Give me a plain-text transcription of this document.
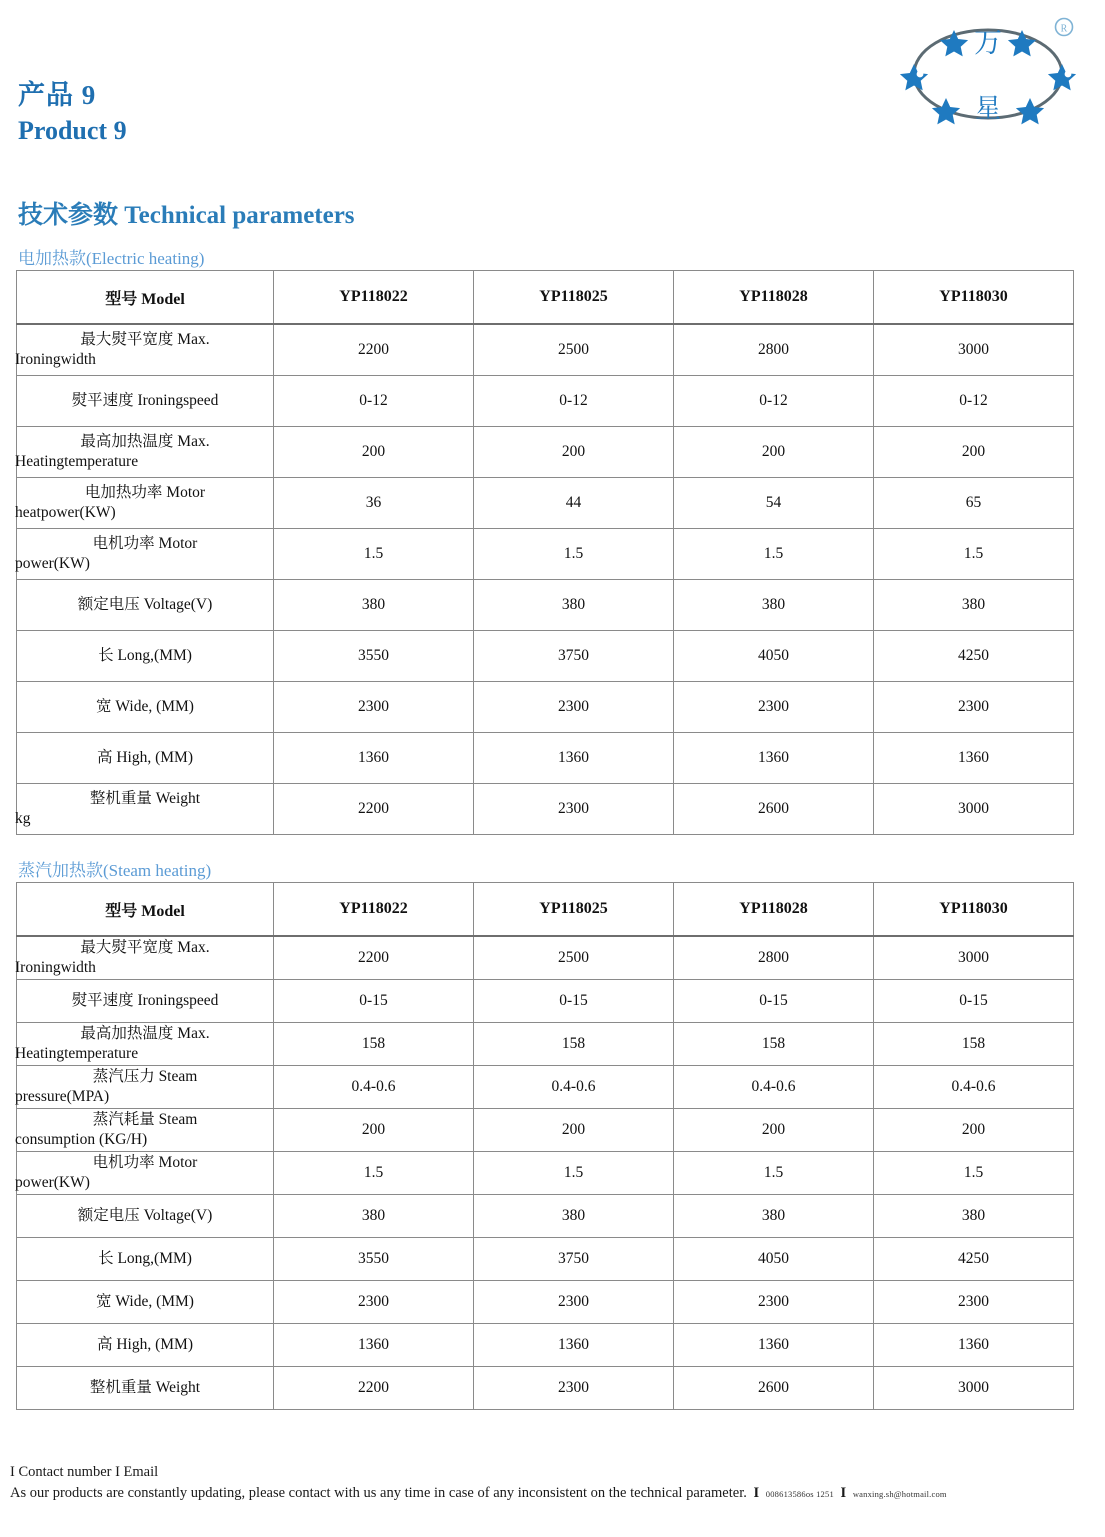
万
星
R
产品 9
Product 9
技术参数 Technical parameters

电加热款(Electric heating)

型号 Model	YP118022	YP118025	YP118028	YP118030

最大熨平宽度 Max.
Ironingwidth	2200	2500	2800	3000

熨平速度 Ironingspeed	0-12	0-12	0-12	0-12

最高加热温度 Max.
Heatingtemperature	200	200	200	200

电加热功率 Motor
heatpower(KW)	36	44	54	65

电机功率 Motor
power(KW)	1.5	1.5	1.5	1.5

额定电压 Voltage(V)	380	380	380	380

长 Long,(MM)	3550	3750	4050	4250

宽 Wide, (MM)	2300	2300	2300	2300

高 High, (MM)	1360	1360	1360	1360

整机重量 Weight
kg	2200	2300	2600	3000

蒸汽加热款(Steam heating)

型号 Model	YP118022	YP118025	YP118028	YP118030

最大熨平宽度 Max.
Ironingwidth	2200	2500	2800	3000

熨平速度 Ironingspeed	0-15	0-15	0-15	0-15

最高加热温度 Max.
Heatingtemperature	158	158	158	158

蒸汽压力 Steam
pressure(MPA)	0.4-0.6	0.4-0.6	0.4-0.6	0.4-0.6

蒸汽耗量 Steam
consumption (KG/H)	200	200	200	200

电机功率 Motor
power(KW)	1.5	1.5	1.5	1.5

额定电压 Voltage(V)	380	380	380	380

长 Long,(MM)	3550	3750	4050	4250

宽 Wide, (MM)	2300	2300	2300	2300

高 High, (MM)	1360	1360	1360	1360

整机重量 Weight	2200	2300	2600	3000
I Contact number I Email
As our products are constantly updating, please contact with us any time in case of any inconsistent on the technical parameter. I 008613586os 1251 I wanxing.sh@hotmail.com
